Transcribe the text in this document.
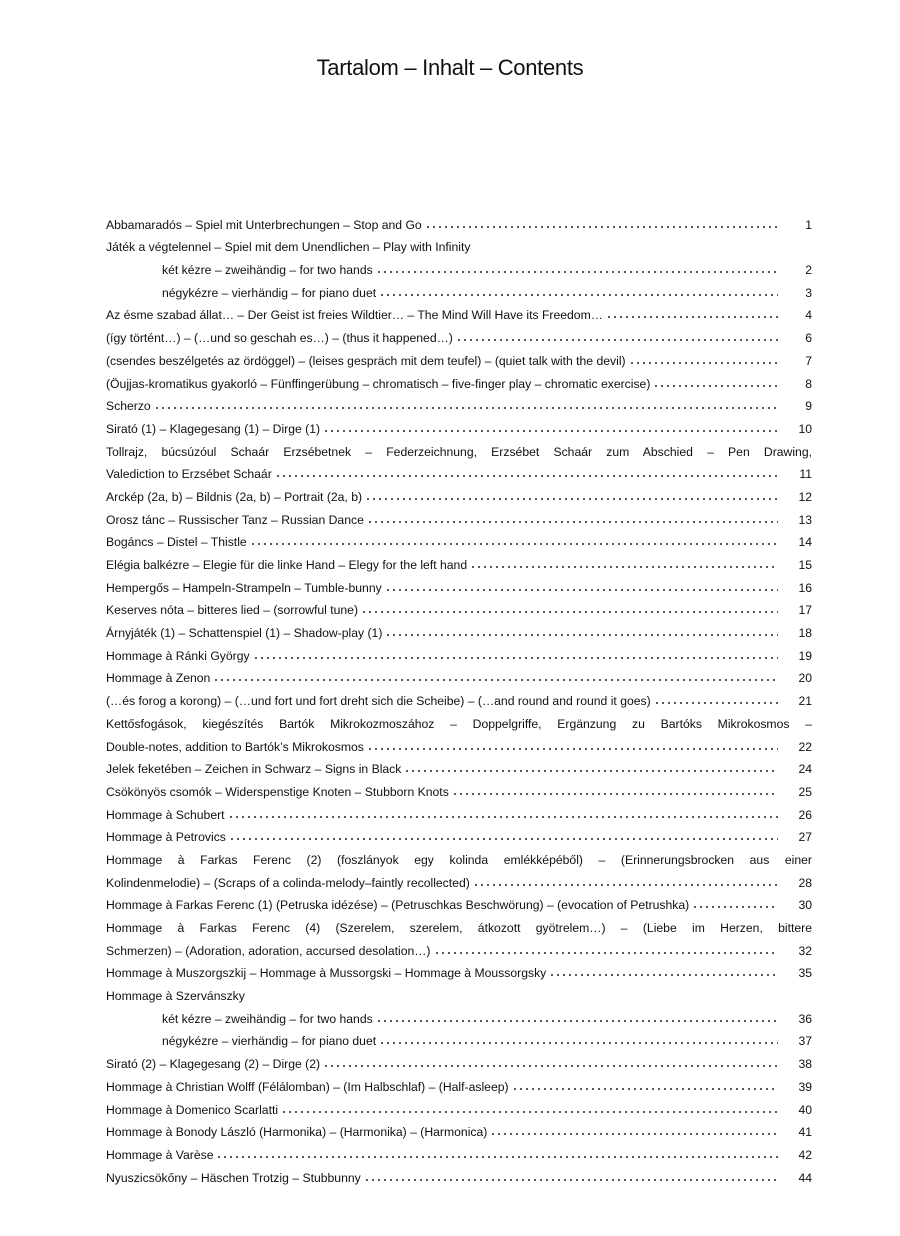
Tartalom – Inhalt – Contents
Abbamaradós – Spiel mit Unterbrechungen – Stop and Go	1
Játék a végtelennel – Spiel mit dem Unendlichen – Play with Infinity
két kézre – zweihändig – for two hands	2
négykézre – vierhändig – for piano duet	3
Az ésme szabad állat… – Der Geist ist freies Wildtier… – The Mind Will Have its Freedom…	4
(így történt…) – (…und so geschah es…) – (thus it happened…)	6
(csendes beszélgetés az ördöggel) – (leises gespräch mit dem teufel) – (quiet talk with the devil)	7
(Öujjas-kromatikus gyakorló – Fünffingerübung – chromatisch – five-finger play – chromatic exercise)	8
Scherzo	9
Sirató (1) – Klagegesang (1) – Dirge (1)	10
Tollrajz, búcsúzóul Schaár Erzsébetnek – Federzeichnung, Erzsébet Schaár zum Abschied – Pen Drawing,
Valediction to Erzsébet Schaár	11
Arckép (2a, b) – Bildnis (2a, b) – Portrait (2a, b)	12
Orosz tánc – Russischer Tanz – Russian Dance	13
Bogáncs – Distel – Thistle	14
Elégia balkézre – Elegie für die linke Hand – Elegy for the left hand	15
Hempergős – Hampeln-Strampeln – Tumble-bunny	16
Keserves nóta – bitteres lied – (sorrowful tune)	17
Árnyjáték (1) – Schattenspiel (1) – Shadow-play (1)	18
Hommage à Ránki György	19
Hommage à Zenon	20
(…és forog a korong) – (…und fort und fort dreht sich die Scheibe) – (…and round and round it goes)	21
Kettősfogások, kiegészítés Bartók Mikrokozmoszához – Doppelgriffe, Ergänzung zu Bartóks Mikrokosmos –
Double-notes, addition to Bartók’s Mikrokosmos	22
Jelek feketében – Zeichen in Schwarz – Signs in Black	24
Csökönyös csomók – Widerspenstige Knoten – Stubborn Knots	25
Hommage à Schubert	26
Hommage à Petrovics	27
Hommage à Farkas Ferenc (2) (foszlányok egy kolinda emlékképéből) – (Erinnerungsbrocken aus einer
Kolindenmelodie) – (Scraps of a colinda-melody–faintly recollected)	28
Hommage à Farkas Ferenc (1) (Petruska idézése) – (Petruschkas Beschwörung) – (evocation of Petrushka)	30
Hommage à Farkas Ferenc (4) (Szerelem, szerelem, átkozott gyötrelem…) – (Liebe im Herzen, bittere
Schmerzen) – (Adoration, adoration, accursed desolation…)	32
Hommage à Muszorgszkij – Hommage à Mussorgski – Hommage à Moussorgsky	35
Hommage à Szervánszky
két kézre – zweihändig – for two hands	36
négykézre – vierhändig – for piano duet	37
Sirató (2) – Klagegesang (2) – Dirge (2)	38
Hommage à Christian Wolff (Félálomban) – (Im Halbschlaf) – (Half-asleep)	39
Hommage à Domenico Scarlatti	40
Hommage à Bonody László (Harmonika) – (Harmonika) – (Harmonica)	41
Hommage à Varèse	42
Nyuszicsökőny – Häschen Trotzig – Stubbunny	44
